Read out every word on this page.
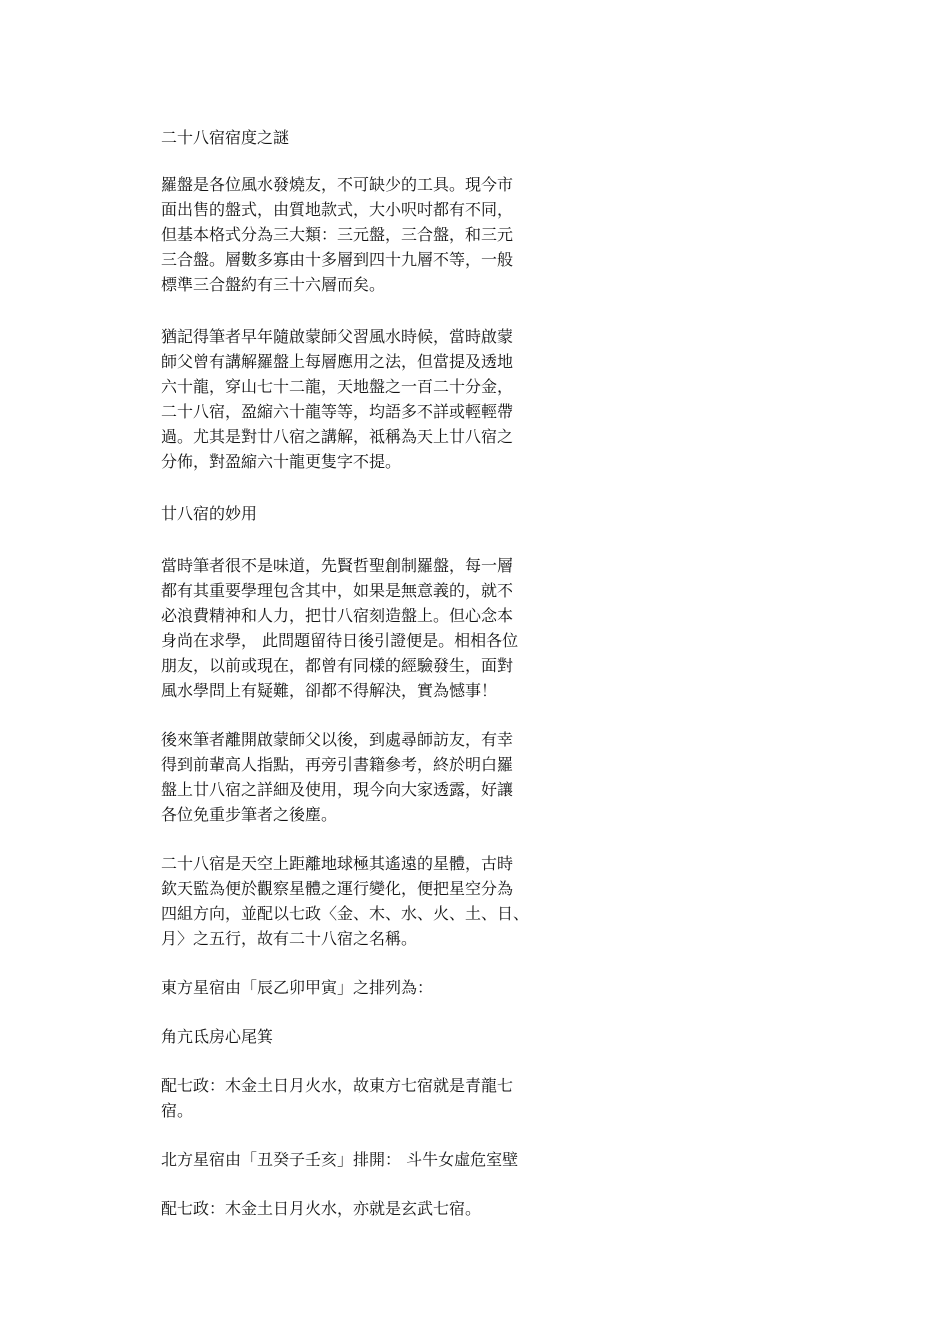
二十八宿宿度之謎
羅盤是各位風水發燒友，不可缺少的工具。現今市
面出售的盤式，由質地款式，大小呎吋都有不同，
但基本格式分為三大類：三元盤，三合盤，和三元
三合盤。層數多寡由十多層到四十九層不等，一般
標準三合盤約有三十六層而矣。
猶記得筆者早年隨啟蒙師父習風水時候，當時啟蒙
師父曾有講解羅盤上每層應用之法，但當提及透地
六十龍，穿山七十二龍，天地盤之一百二十分金，
二十八宿，盈縮六十龍等等，均語多不詳或輕輕帶
過。尤其是對廿八宿之講解，祗稱為天上廿八宿之
分佈，對盈縮六十龍更隻字不提。
廿八宿的妙用
當時筆者很不是味道，先賢哲聖創制羅盤，每一層
都有其重要學理包含其中，如果是無意義的，就不
必浪費精神和人力，把廿八宿刻造盤上。但心念本
身尚在求學， 此問題留待日後引證便是。相相各位
朋友，以前或現在，都曾有同樣的經驗發生，面對
風水學問上有疑難，卻都不得解決，實為憾事！
後來筆者離開啟蒙師父以後，到處尋師訪友，有幸
得到前輩高人指點，再旁引書籍參考，終於明白羅
盤上廿八宿之詳細及使用，現今向大家透露，好讓
各位免重步筆者之後塵。
二十八宿是天空上距離地球極其遙遠的星體，古時
欽天監為便於觀察星體之運行變化，便把星空分為
四組方向，並配以七政〈金、木、水、火、土、日、
月〉之五行，故有二十八宿之名稱。
東方星宿由「辰乙卯甲寅」之排列為：
角亢氐房心尾箕
配七政：木金土日月火水，故東方七宿就是青龍七
宿。
北方星宿由「丑癸子壬亥」排開： 斗牛女虛危室壁
配七政：木金土日月火水，亦就是玄武七宿。
